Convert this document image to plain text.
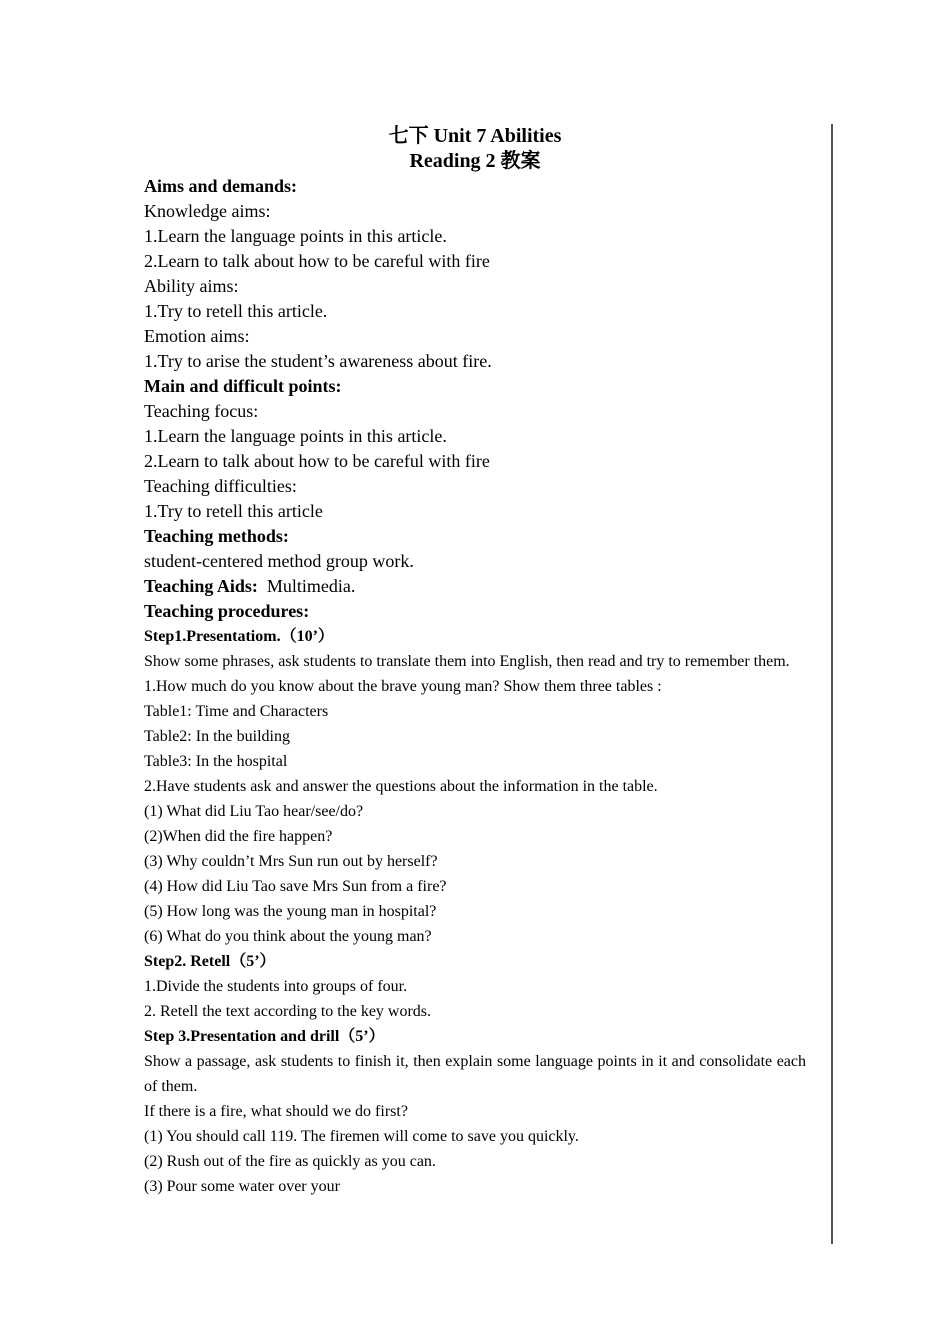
七下 Unit 7 Abilities

Reading 2 教案

Aims and demands:

Knowledge aims:

1.Learn the language points in this article.

2.Learn to talk about how to be careful with fire

Ability aims:

1.Try to retell this article.

Emotion aims:

1.Try to arise the student’s awareness about fire.

Main and difficult points:

Teaching focus:

1.Learn the language points in this article.

2.Learn to talk about how to be careful with fire

Teaching difficulties:

1.Try to retell this article

Teaching methods:

student-centered method group work.

Teaching Aids: Multimedia.

Teaching procedures:

Step1.Presentatiom.（10’）

Show some phrases, ask students to translate them into English, then read and try to remember them.

1.How much do you know about the brave young man? Show them three tables :

Table1: Time and Characters

Table2: In the building

Table3: In the hospital

2.Have students ask and answer the questions about the information in the table.

(1) What did Liu Tao hear/see/do?

(2)When did the fire happen?

(3) Why couldn’t Mrs Sun run out by herself?

(4) How did Liu Tao save Mrs Sun from a fire?

(5) How long was the young man in hospital?

(6) What do you think about the young man?

Step2. Retell（5’）

1.Divide the students into groups of four.

2. Retell the text according to the key words.

Step 3.Presentation and drill（5’）

Show a passage, ask students to finish it, then explain some language points in it and consolidate each of them.

If there is a fire, what should we do first?

(1) You should call 119. The firemen will come to save you quickly.

(2) Rush out of the fire as quickly as you can.

(3) Pour some water over your
